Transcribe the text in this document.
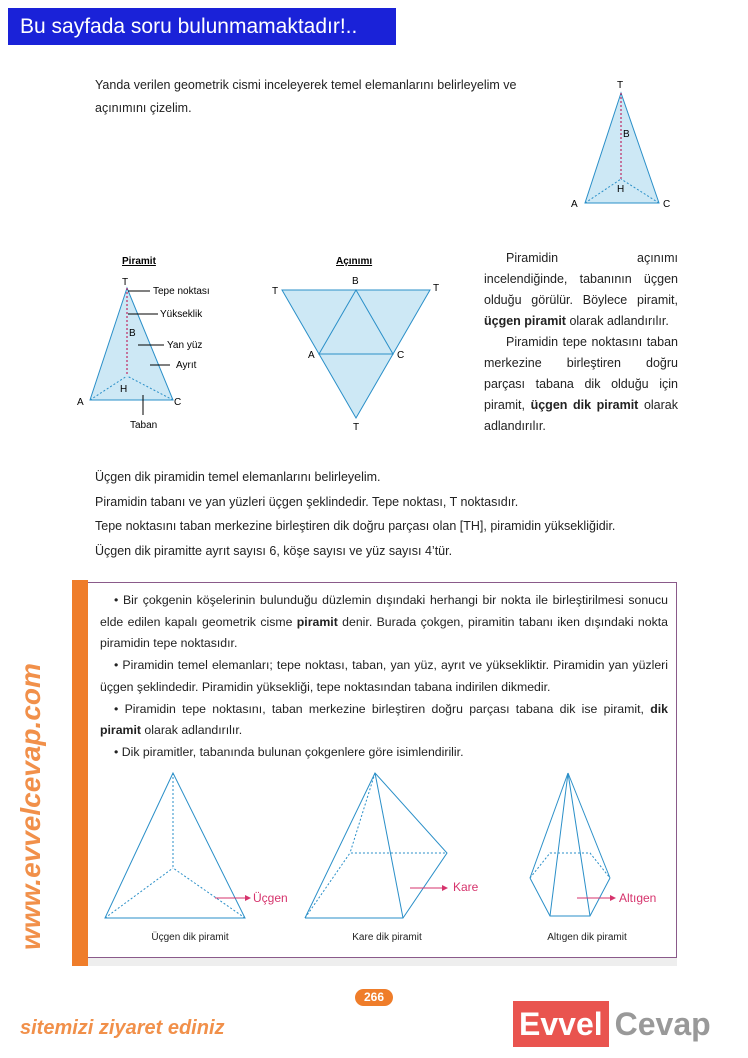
Bu sayfada soru bulunmamaktadır!..
Yanda verilen geometrik cismi inceleyerek temel elemanlarını belirleyelim ve açınımını çizelim.
T
B
H
A	C
Piramit
T
Tepe noktası
Yükseklik
Yan yüz
Ayrıt
Taban
B
H
A	C
Açınımı
T	T
B
A	C
T

Piramidin açınımı incelendiğinde, tabanının üçgen olduğu görülür. Böylece piramit, üçgen piramit olarak adlandırılır.

Piramidin tepe noktasını taban merkezine birleştiren doğru parçası tabana dik olduğu için piramit, üçgen dik piramit olarak adlandırılır.

Üçgen dik piramidin temel elemanlarını belirleyelim.
Piramidin tabanı ve yan yüzleri üçgen şeklindedir. Tepe noktası, T noktasıdır.
Tepe noktasını taban merkezine birleştiren dik doğru parçası olan [TH], piramidin yüksekliğidir.
Üçgen dik piramitte ayrıt sayısı 6, köşe sayısı ve yüz sayısı 4’tür.

• Bir çokgenin köşelerinin bulunduğu düzlemin dışındaki herhangi bir nokta ile birleştirilmesi sonucu elde edilen kapalı geometrik cisme piramit denir. Burada çokgen, piramitin tabanı iken dışındaki nokta piramidin tepe noktasıdır.

• Piramidin temel elemanları; tepe noktası, taban, yan yüz, ayrıt ve yüksekliktir. Piramidin yan yüzleri üçgen şeklindedir. Piramidin yüksekliği, tepe noktasından tabana indirilen dikmedir.

• Piramidin tepe noktasını, taban merkezine birleştiren doğru parçası tabana dik ise piramit, dik piramit olarak adlandırılır.

• Dik piramitler, tabanında bulunan çokgenlere göre isimlendirilir.

Üçgen
Kare
Altıgen
Üçgen dik piramit	Kare dik piramit	Altıgen dik piramit
www.evvelcevap.com
sitemizi ziyaret ediniz
266
Evvel Cevap
